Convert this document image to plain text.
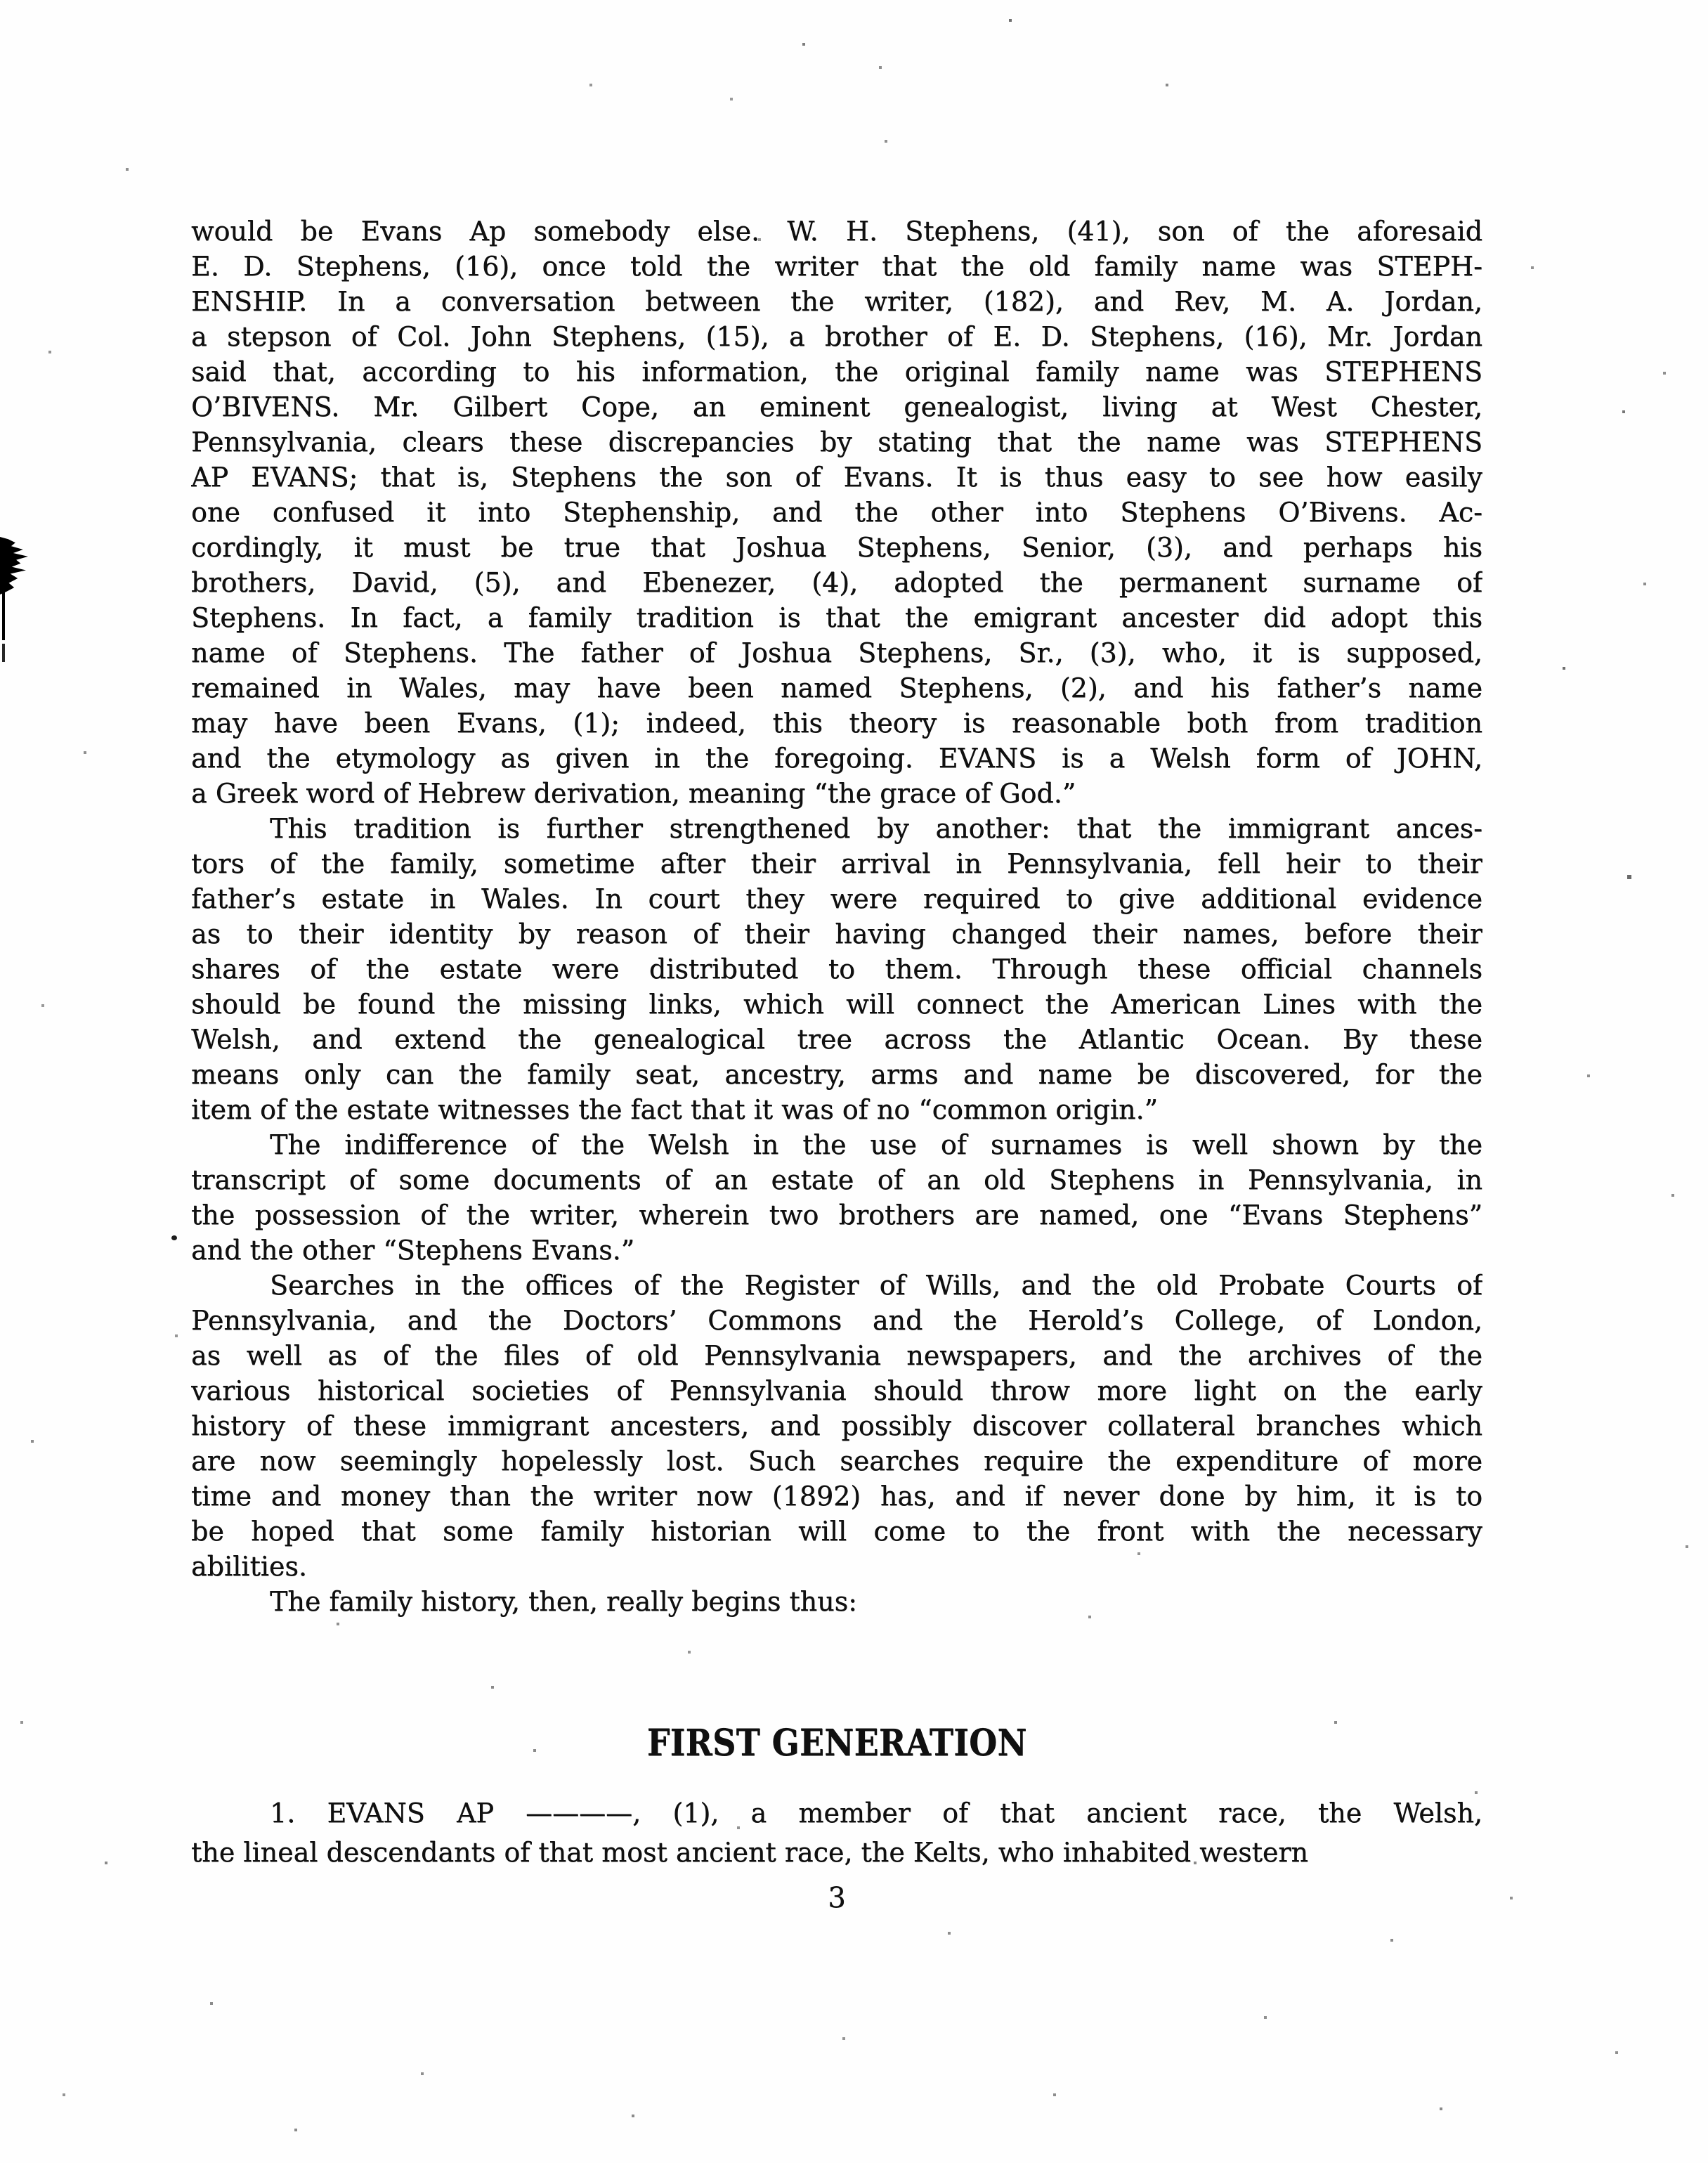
would be Evans Ap somebody else. W. H. Stephens, (41), son of the aforesaid
E. D. Stephens, (16), once told the writer that the old family name was STEPH-
ENSHIP. In a conversation between the writer, (182), and Rev, M. A. Jordan,
a stepson of Col. John Stephens, (15), a brother of E. D. Stephens, (16), Mr. Jordan
said that, according to his information, the original family name was STEPHENS
O’BIVENS. Mr. Gilbert Cope, an eminent genealogist, living at West Chester,
Pennsylvania, clears these discrepancies by stating that the name was STEPHENS
AP EVANS; that is, Stephens the son of Evans. It is thus easy to see how easily
one confused it into Stephenship, and the other into Stephens O’Bivens. Ac-
cordingly, it must be true that Joshua Stephens, Senior, (3), and perhaps his
brothers, David, (5), and Ebenezer, (4), adopted the permanent surname of
Stephens. In fact, a family tradition is that the emigrant ancester did adopt this
name of Stephens. The father of Joshua Stephens, Sr., (3), who, it is supposed,
remained in Wales, may have been named Stephens, (2), and his father’s name
may have been Evans, (1); indeed, this theory is reasonable both from tradition
and the etymology as given in the foregoing. EVANS is a Welsh form of JOHN,
a Greek word of Hebrew derivation, meaning “the grace of God.”
This tradition is further strengthened by another: that the immigrant ances-
tors of the family, sometime after their arrival in Pennsylvania, fell heir to their
father’s estate in Wales. In court they were required to give additional evidence
as to their identity by reason of their having changed their names, before their
shares of the estate were distributed to them. Through these official channels
should be found the missing links, which will connect the American Lines with the
Welsh, and extend the genealogical tree across the Atlantic Ocean. By these
means only can the family seat, ancestry, arms and name be discovered, for the
item of the estate witnesses the fact that it was of no “common origin.”
The indifference of the Welsh in the use of surnames is well shown by the
transcript of some documents of an estate of an old Stephens in Pennsylvania, in
the possession of the writer, wherein two brothers are named, one “Evans Stephens”
and the other “Stephens Evans.”
Searches in the offices of the Register of Wills, and the old Probate Courts of
Pennsylvania, and the Doctors’ Commons and the Herold’s College, of London,
as well as of the files of old Pennsylvania newspapers, and the archives of the
various historical societies of Pennsylvania should throw more light on the early
history of these immigrant ancesters, and possibly discover collateral branches which
are now seemingly hopelessly lost. Such searches require the expenditure of more
time and money than the writer now (1892) has, and if never done by him, it is to
be hoped that some family historian will come to the front with the necessary
abilities.
The family history, then, really begins thus:
FIRST GENERATION
1. EVANS AP ————, (1), a member of that ancient race, the Welsh,
the lineal descendants of that most ancient race, the Kelts, who inhabited western
3
